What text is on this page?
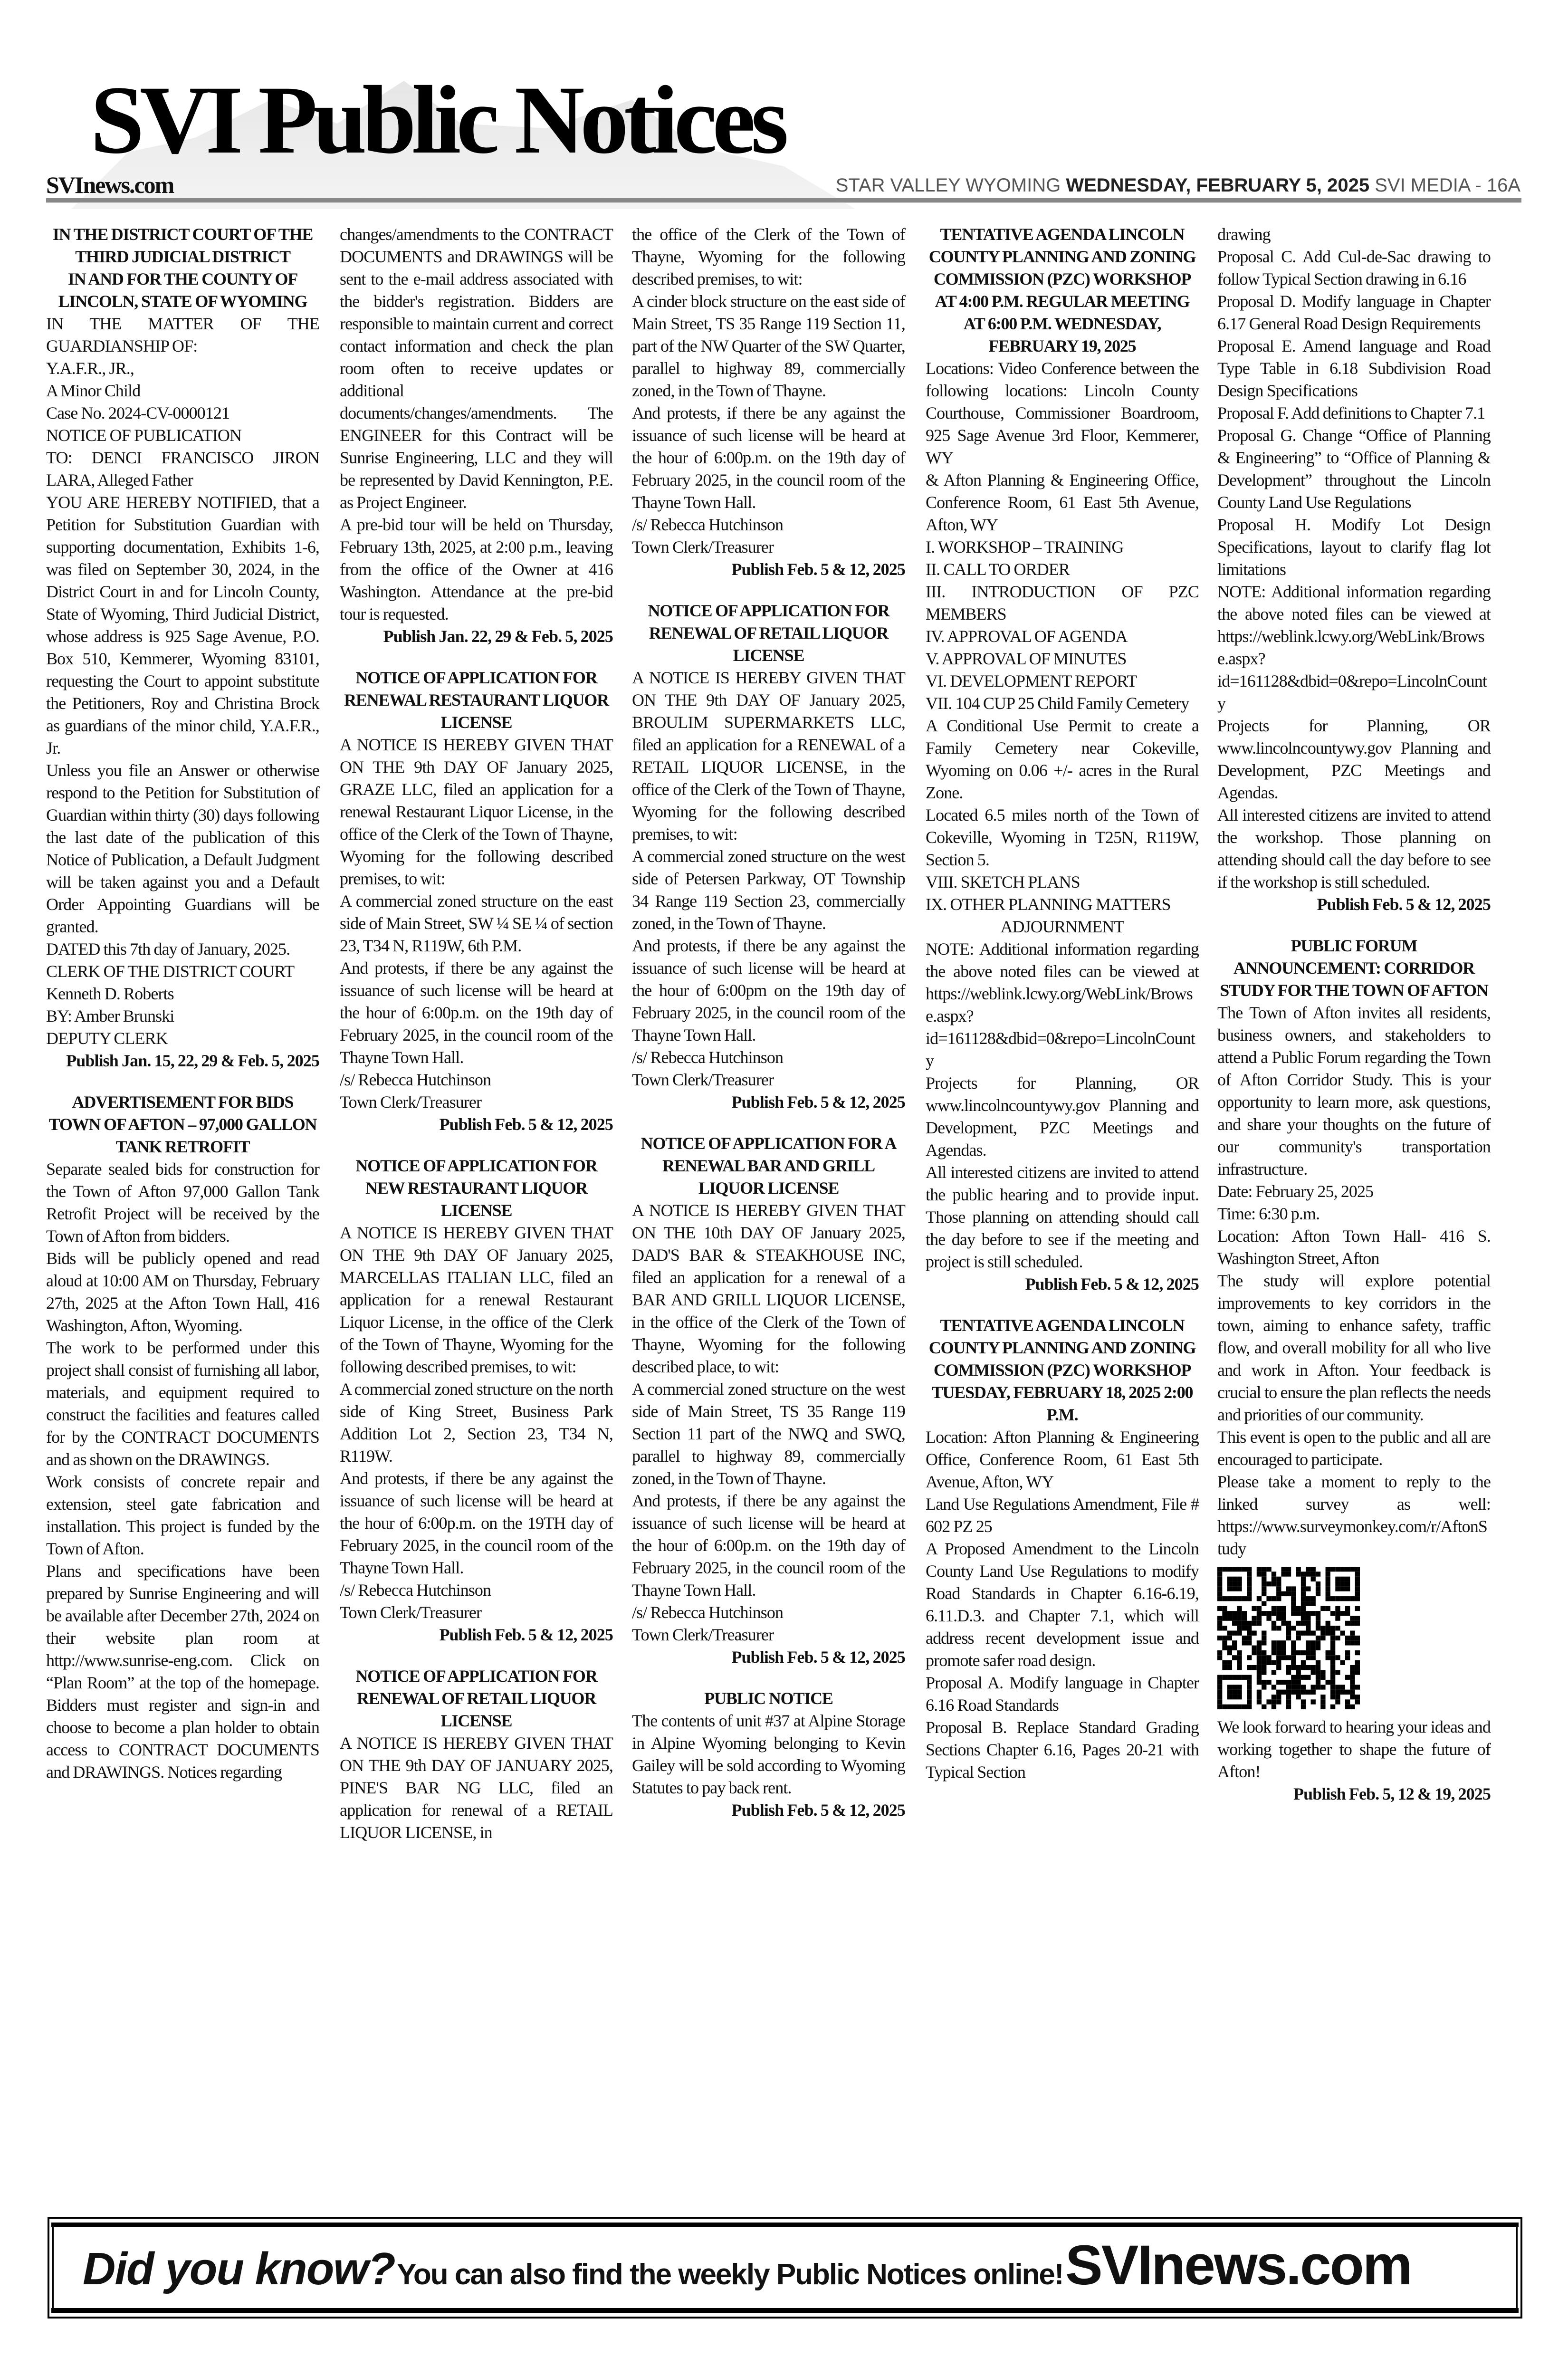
SVI Public Notices
SVInews.com	STAR VALLEY WYOMING WEDNESDAY, FEBRUARY 5, 2025 SVI MEDIA - 16A

IN THE DISTRICT COURT OF THE THIRD JUDICIAL DISTRICT

IN AND FOR THE COUNTY OF LINCOLN, STATE OF WYOMING

IN THE MATTER OF THE GUARDIANSHIP OF:

Y.A.F.R., JR.,

A Minor Child

Case No. 2024-CV-0000121

NOTICE OF PUBLICATION

TO: DENCI FRANCISCO JIRON LARA, Alleged Father

YOU ARE HEREBY NOTIFIED, that a Petition for Substitution Guardian with supporting documentation, Exhibits 1-6, was filed on September 30, 2024, in the District Court in and for Lincoln County, State of Wyoming, Third Judicial District, whose address is 925 Sage Avenue, P.O. Box 510, Kemmerer, Wyoming 83101, requesting the Court to appoint substitute the Petitioners, Roy and Christina Brock as guardians of the minor child, Y.A.F.R., Jr.

Unless you file an Answer or otherwise respond to the Petition for Substitution of Guardian within thirty (30) days following the last date of the publication of this Notice of Publication, a Default Judgment will be taken against you and a Default Order Appointing Guardians will be granted.

DATED this 7th day of January, 2025.

CLERK OF THE DISTRICT COURT

Kenneth D. Roberts

BY: Amber Brunski

DEPUTY CLERK

Publish Jan. 15, 22, 29 & Feb. 5, 2025

ADVERTISEMENT FOR BIDS TOWN OF AFTON – 97,000 GALLON TANK RETROFIT

Separate sealed bids for construction for the Town of Afton 97,000 Gallon Tank Retrofit Project will be received by the Town of Afton from bidders.

Bids will be publicly opened and read aloud at 10:00 AM on Thursday, February 27th, 2025 at the Afton Town Hall, 416 Washington, Afton, Wyoming.

The work to be performed under this project shall consist of furnishing all labor, materials, and equipment required to construct the facilities and features called for by the CONTRACT DOCUMENTS and as shown on the DRAWINGS.

Work consists of concrete repair and extension, steel gate fabrication and installation. This project is funded by the Town of Afton.

Plans and specifications have been prepared by Sunrise Engineering and will be available after December 27th, 2024 on their website plan room at http://www.sunrise-eng.com. Click on “Plan Room” at the top of the homepage. Bidders must register and sign-in and choose to become a plan holder to obtain access to CONTRACT DOCUMENTS and DRAWINGS. Notices regarding

changes/amendments to the CONTRACT DOCUMENTS and DRAWINGS will be sent to the e-mail address associated with the bidder's registration. Bidders are responsible to maintain current and correct contact information and check the plan room often to receive updates or additional documents/changes/amendments. The ENGINEER for this Contract will be Sunrise Engineering, LLC and they will be represented by David Kennington, P.E. as Project Engineer.

A pre-bid tour will be held on Thursday, February 13th, 2025, at 2:00 p.m., leaving from the office of the Owner at 416 Washington. Attendance at the pre-bid tour is requested.

Publish Jan. 22, 29 & Feb. 5, 2025

NOTICE OF APPLICATION FOR RENEWAL RESTAURANT LIQUOR LICENSE

A NOTICE IS HEREBY GIVEN THAT ON THE 9th DAY OF January 2025, GRAZE LLC, filed an application for a renewal Restaurant Liquor License, in the office of the Clerk of the Town of Thayne, Wyoming for the following described premises, to wit:

A commercial zoned structure on the east side of Main Street, SW ¼ SE ¼ of section 23, T34 N, R119W, 6th P.M.

And protests, if there be any against the issuance of such license will be heard at the hour of 6:00p.m. on the 19th day of February 2025, in the council room of the Thayne Town Hall.

/s/ Rebecca Hutchinson

Town Clerk/Treasurer

Publish Feb. 5 & 12, 2025

NOTICE OF APPLICATION FOR NEW RESTAURANT LIQUOR LICENSE

A NOTICE IS HEREBY GIVEN THAT ON THE 9th DAY OF January 2025, MARCELLAS ITALIAN LLC, filed an application for a renewal Restaurant Liquor License, in the office of the Clerk of the Town of Thayne, Wyoming for the following described premises, to wit:

A commercial zoned structure on the north side of King Street, Business Park Addition Lot 2, Section 23, T34 N, R119W.

And protests, if there be any against the issuance of such license will be heard at the hour of 6:00p.m. on the 19TH day of February 2025, in the council room of the Thayne Town Hall.

/s/ Rebecca Hutchinson

Town Clerk/Treasurer

Publish Feb. 5 & 12, 2025

NOTICE OF APPLICATION FOR RENEWAL OF RETAIL LIQUOR LICENSE

A NOTICE IS HEREBY GIVEN THAT ON THE 9th DAY OF JANUARY 2025, PINE'S BAR NG LLC, filed an application for renewal of a RETAIL LIQUOR LICENSE, in

the office of the Clerk of the Town of Thayne, Wyoming for the following described premises, to wit:

A cinder block structure on the east side of Main Street, TS 35 Range 119 Section 11, part of the NW Quarter of the SW Quarter, parallel to highway 89, commercially zoned, in the Town of Thayne.

And protests, if there be any against the issuance of such license will be heard at the hour of 6:00p.m. on the 19th day of February 2025, in the council room of the Thayne Town Hall.

/s/ Rebecca Hutchinson

Town Clerk/Treasurer

Publish Feb. 5 & 12, 2025

NOTICE OF APPLICATION FOR RENEWAL OF RETAIL LIQUOR LICENSE

A NOTICE IS HEREBY GIVEN THAT ON THE 9th DAY OF January 2025, BROULIM SUPERMARKETS LLC, filed an application for a RENEWAL of a RETAIL LIQUOR LICENSE, in the office of the Clerk of the Town of Thayne, Wyoming for the following described premises, to wit:

A commercial zoned structure on the west side of Petersen Parkway, OT Township 34 Range 119 Section 23, commercially zoned, in the Town of Thayne.

And protests, if there be any against the issuance of such license will be heard at the hour of 6:00pm on the 19th day of February 2025, in the council room of the Thayne Town Hall.

/s/ Rebecca Hutchinson

Town Clerk/Treasurer

Publish Feb. 5 & 12, 2025

NOTICE OF APPLICATION FOR A RENEWAL BAR AND GRILL LIQUOR LICENSE

A NOTICE IS HEREBY GIVEN THAT ON THE 10th DAY OF January 2025, DAD'S BAR & STEAKHOUSE INC, filed an application for a renewal of a BAR AND GRILL LIQUOR LICENSE, in the office of the Clerk of the Town of Thayne, Wyoming for the following described place, to wit:

A commercial zoned structure on the west side of Main Street, TS 35 Range 119 Section 11 part of the NWQ and SWQ, parallel to highway 89, commercially zoned, in the Town of Thayne.

And protests, if there be any against the issuance of such license will be heard at the hour of 6:00p.m. on the 19th day of February 2025, in the council room of the Thayne Town Hall.

/s/ Rebecca Hutchinson

Town Clerk/Treasurer

Publish Feb. 5 & 12, 2025

PUBLIC NOTICE

The contents of unit #37 at Alpine Storage in Alpine Wyoming belonging to Kevin Gailey will be sold according to Wyoming Statutes to pay back rent.

Publish Feb. 5 & 12, 2025

TENTATIVE AGENDA LINCOLN COUNTY PLANNING AND ZONING COMMISSION (PZC) WORKSHOP AT 4:00 P.M. REGULAR MEETING AT 6:00 P.M. WEDNESDAY, FEBRUARY 19, 2025

Locations: Video Conference between the following locations: Lincoln County Courthouse, Commissioner Boardroom, 925 Sage Avenue 3rd Floor, Kemmerer, WY

& Afton Planning & Engineering Office, Conference Room, 61 East 5th Avenue, Afton, WY

I. WORKSHOP – TRAINING

II. CALL TO ORDER

III. INTRODUCTION OF PZC MEMBERS

IV. APPROVAL OF AGENDA

V. APPROVAL OF MINUTES

VI. DEVELOPMENT REPORT

VII. 104 CUP 25 Child Family Cemetery

A Conditional Use Permit to create a Family Cemetery near Cokeville, Wyoming on 0.06 +/- acres in the Rural Zone.

Located 6.5 miles north of the Town of Cokeville, Wyoming in T25N, R119W, Section 5.

VIII. SKETCH PLANS

IX. OTHER PLANNING MATTERS

ADJOURNMENT

NOTE: Additional information regarding the above noted files can be viewed at https://weblink.lcwy.org/WebLink/Browse.aspx?id=161128&dbid=0&repo=LincolnCounty

Projects for Planning, OR www.lincolncountywy.gov Planning and Development, PZC Meetings and Agendas.

All interested citizens are invited to attend the public hearing and to provide input. Those planning on attending should call the day before to see if the meeting and project is still scheduled.

Publish Feb. 5 & 12, 2025

TENTATIVE AGENDA LINCOLN COUNTY PLANNING AND ZONING COMMISSION (PZC) WORKSHOP TUESDAY, FEBRUARY 18, 2025 2:00 P.M.

Location: Afton Planning & Engineering Office, Conference Room, 61 East 5th Avenue, Afton, WY

Land Use Regulations Amendment, File # 602 PZ 25

A Proposed Amendment to the Lincoln County Land Use Regulations to modify Road Standards in Chapter 6.16-6.19, 6.11.D.3. and Chapter 7.1, which will address recent development issue and promote safer road design.

Proposal A. Modify language in Chapter 6.16 Road Standards

Proposal B. Replace Standard Grading Sections Chapter 6.16, Pages 20-21 with Typical Section

drawing

Proposal C. Add Cul-de-Sac drawing to follow Typical Section drawing in 6.16

Proposal D. Modify language in Chapter 6.17 General Road Design Requirements

Proposal E. Amend language and Road Type Table in 6.18 Subdivision Road Design Specifications

Proposal F. Add definitions to Chapter 7.1

Proposal G. Change “Office of Planning & Engineering” to “Office of Planning & Development” throughout the Lincoln County Land Use Regulations

Proposal H. Modify Lot Design Specifications, layout to clarify flag lot limitations

NOTE: Additional information regarding the above noted files can be viewed at https://weblink.lcwy.org/WebLink/Browse.aspx?id=161128&dbid=0&repo=LincolnCounty

Projects for Planning, OR www.lincolncountywy.gov Planning and Development, PZC Meetings and Agendas.

All interested citizens are invited to attend the workshop. Those planning on attending should call the day before to see if the workshop is still scheduled.

Publish Feb. 5 & 12, 2025

PUBLIC FORUM ANNOUNCEMENT: CORRIDOR STUDY FOR THE TOWN OF AFTON

The Town of Afton invites all residents, business owners, and stakeholders to attend a Public Forum regarding the Town of Afton Corridor Study. This is your opportunity to learn more, ask questions, and share your thoughts on the future of our community's transportation infrastructure.

Date: February 25, 2025

Time: 6:30 p.m.

Location: Afton Town Hall- 416 S. Washington Street, Afton

The study will explore potential improvements to key corridors in the town, aiming to enhance safety, traffic flow, and overall mobility for all who live and work in Afton. Your feedback is crucial to ensure the plan reflects the needs and priorities of our community.

This event is open to the public and all are encouraged to participate.

Please take a moment to reply to the linked survey as well: https://www.surveymonkey.com/r/AftonStudy

We look forward to hearing your ideas and working together to shape the future of Afton!

Publish Feb. 5, 12 & 19, 2025

Did you know? You can also find the weekly Public Notices online! SVInews.com
